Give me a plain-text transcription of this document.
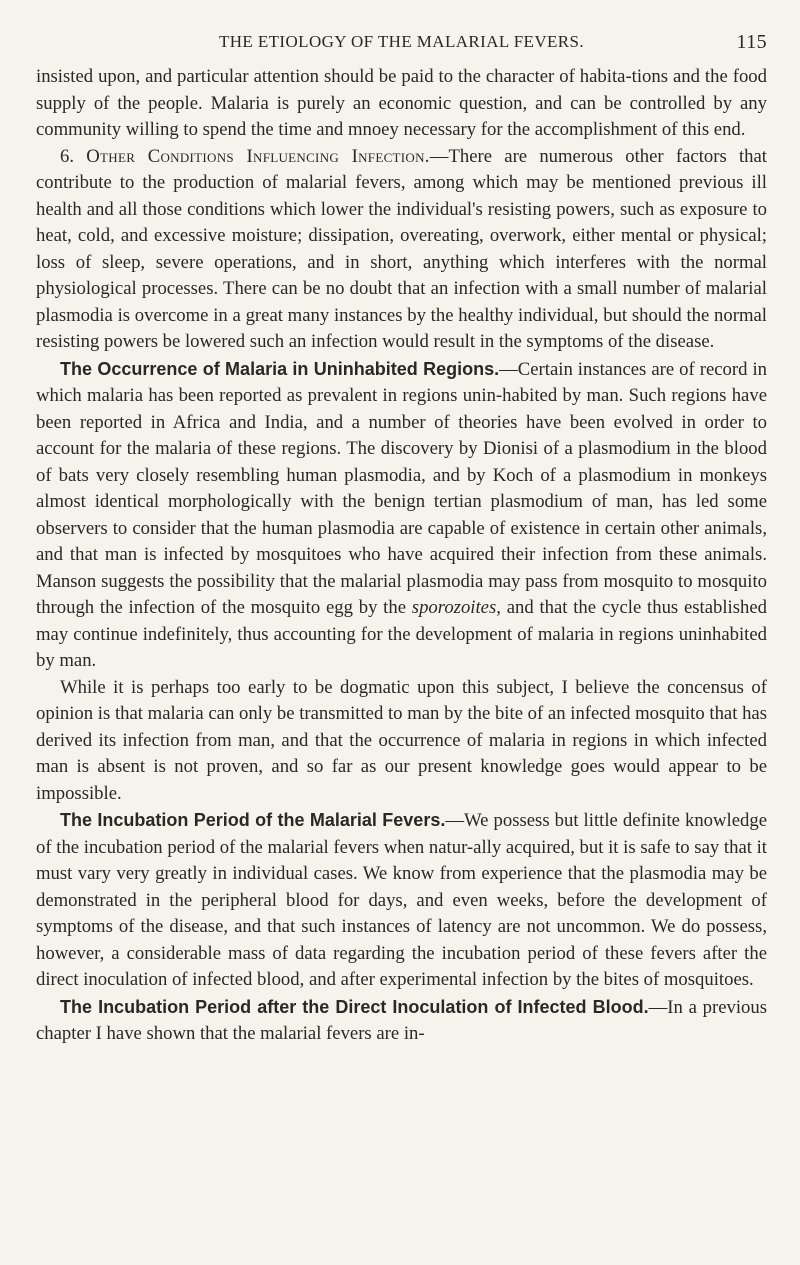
THE ETIOLOGY OF THE MALARIAL FEVERS.	115

insisted upon, and particular attention should be paid to the character of habita-tions and the food supply of the people. Malaria is purely an economic question, and can be controlled by any community willing to spend the time and mnoey necessary for the accomplishment of this end.

6. Other Conditions Influencing Infection.—There are numerous other factors that contribute to the production of malarial fevers, among which may be mentioned previous ill health and all those conditions which lower the individual's resisting powers, such as exposure to heat, cold, and excessive moisture; dissipation, overeating, overwork, either mental or physical; loss of sleep, severe operations, and in short, anything which interferes with the normal physiological processes. There can be no doubt that an infection with a small number of malarial plasmodia is overcome in a great many instances by the healthy individual, but should the normal resisting powers be lowered such an infection would result in the symptoms of the disease.

The Occurrence of Malaria in Uninhabited Regions.—Certain instances are of record in which malaria has been reported as prevalent in regions unin-habited by man. Such regions have been reported in Africa and India, and a number of theories have been evolved in order to account for the malaria of these regions. The discovery by Dionisi of a plasmodium in the blood of bats very closely resembling human plasmodia, and by Koch of a plasmodium in monkeys almost identical morphologically with the benign tertian plasmodium of man, has led some observers to consider that the human plasmodia are capable of existence in certain other animals, and that man is infected by mosquitoes who have acquired their infection from these animals. Manson suggests the possibility that the malarial plasmodia may pass from mosquito to mosquito through the infection of the mosquito egg by the sporozoites, and that the cycle thus established may continue indefinitely, thus accounting for the development of malaria in regions uninhabited by man.

While it is perhaps too early to be dogmatic upon this subject, I believe the concensus of opinion is that malaria can only be transmitted to man by the bite of an infected mosquito that has derived its infection from man, and that the occurrence of malaria in regions in which infected man is absent is not proven, and so far as our present knowledge goes would appear to be impossible.

The Incubation Period of the Malarial Fevers.—We possess but little definite knowledge of the incubation period of the malarial fevers when natur-ally acquired, but it is safe to say that it must vary very greatly in individual cases. We know from experience that the plasmodia may be demonstrated in the peripheral blood for days, and even weeks, before the development of symptoms of the disease, and that such instances of latency are not uncommon. We do possess, however, a considerable mass of data regarding the incubation period of these fevers after the direct inoculation of infected blood, and after experimental infection by the bites of mosquitoes.

The Incubation Period after the Direct Inoculation of Infected Blood.—In a previous chapter I have shown that the malarial fevers are in-
